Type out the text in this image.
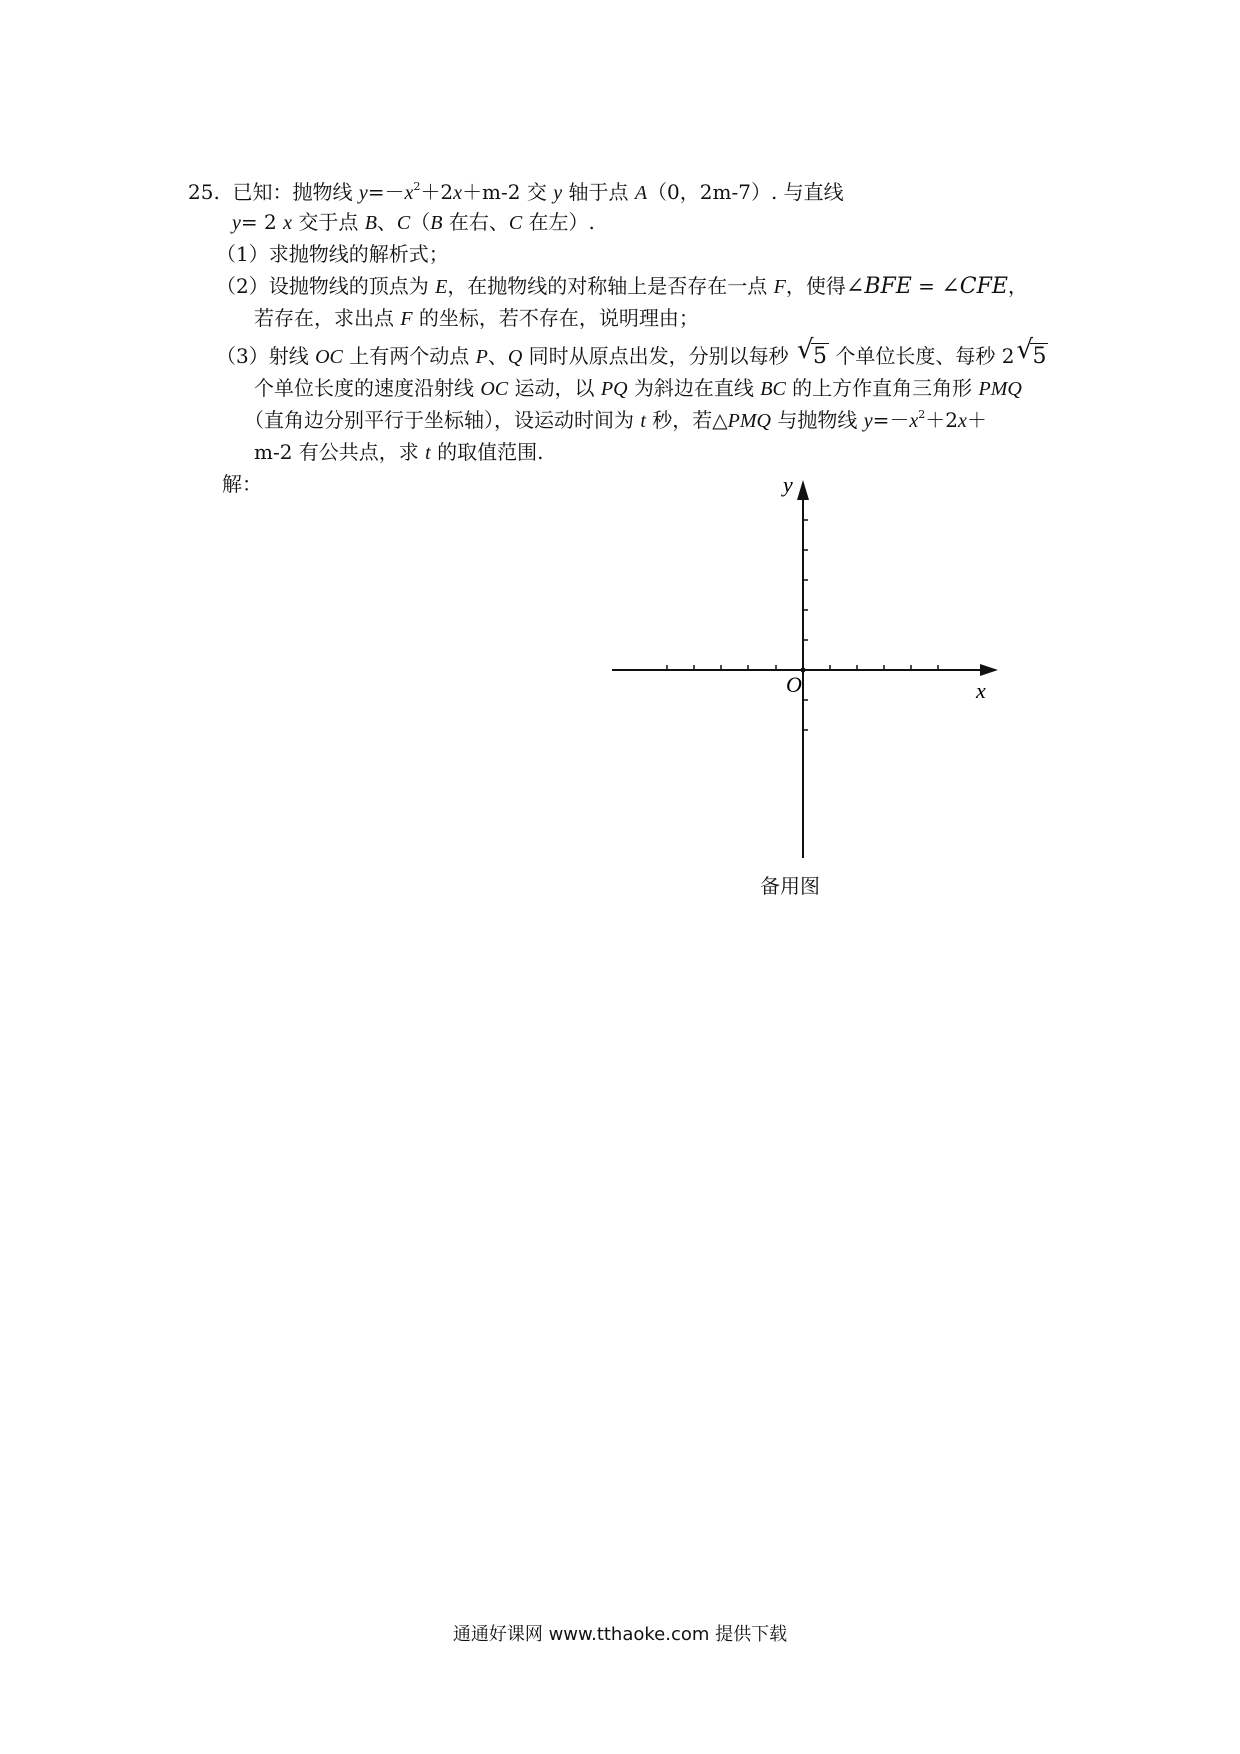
25. 已知：抛物线 $y=-x^2+2x+m-2$ 交 y 轴于点 A（0，2m-7）. 与直线
y= 2 x 交于点 B、C（B 在右、C 在左）.
（1）求抛物线的解析式；
（2）设抛物线的顶点为 E，在抛物线的对称轴上是否存在一点 F，使得∠BFE = ∠CFE，
若存在，求出点 F 的坐标，若不存在，说明理由；
（3）射线 OC 上有两个动点 P、Q 同时从原点出发，分别以每秒 √ 5 个单位长度、每秒 2 √ 5
个单位长度的速度沿射线 OC 运动，以 PQ 为斜边在直线 BC 的上方作直角三角形 PMQ
（直角边分别平行于坐标轴），设运动时间为 t 秒，若△PMQ 与抛物线 $y=-x^2+2x+$
m-2 有公共点，求 t 的取值范围.
解：	y
x
O
备用图
通通好课网 www.tthaoke.com 提供下载
